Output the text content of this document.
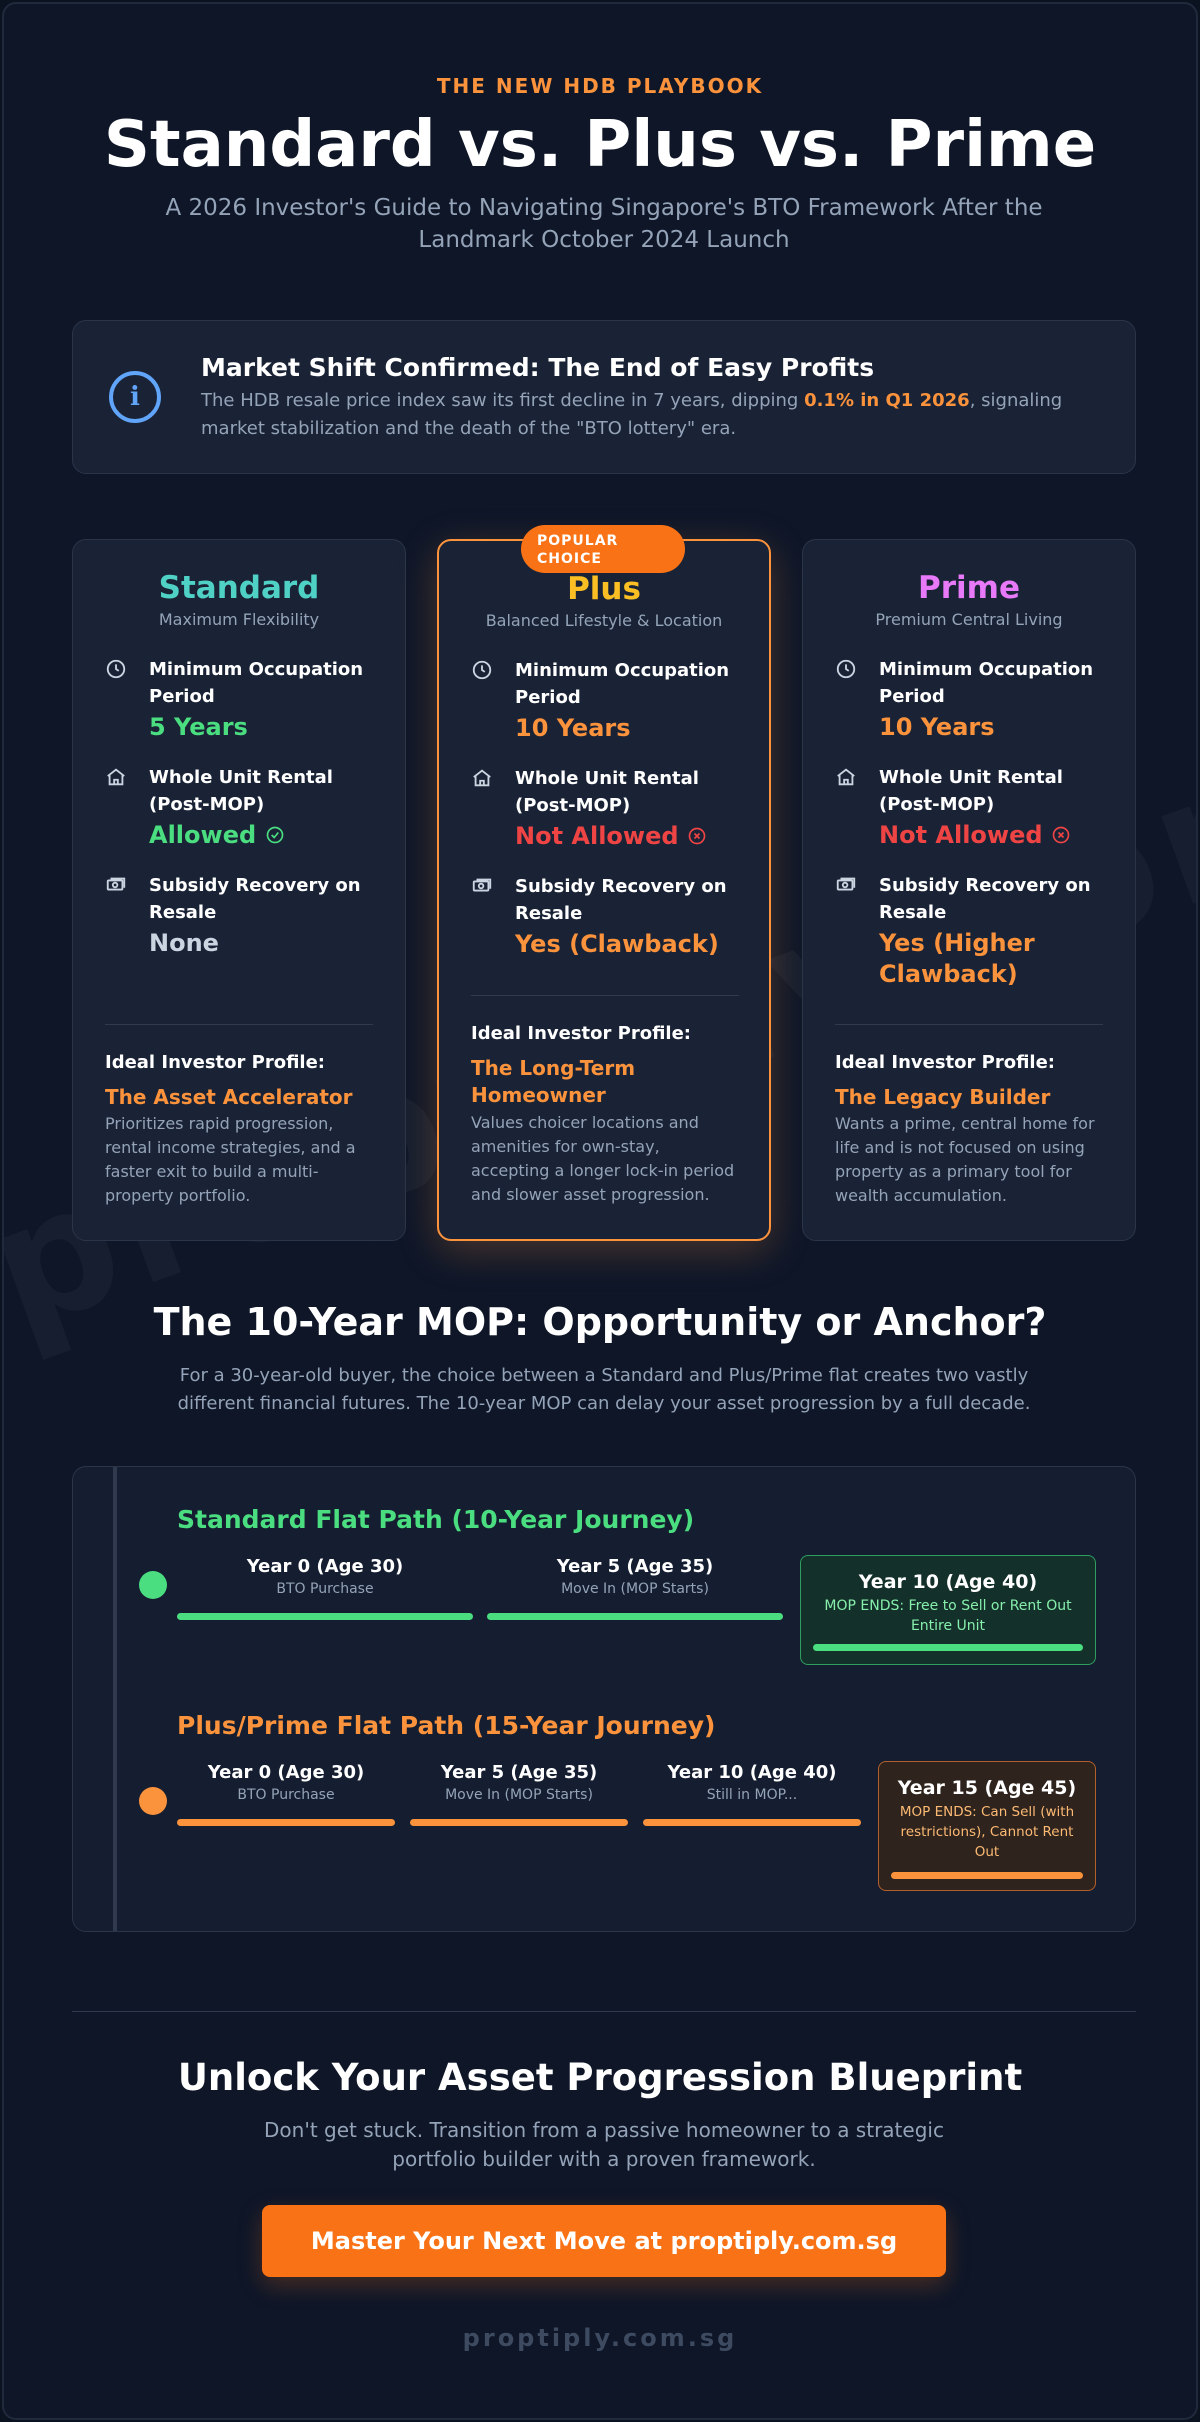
THE NEW HDB PLAYBOOK
Standard vs. Plus vs. Prime
A 2026 Investor's Guide to Navigating Singapore's BTO Framework After the Landmark October 2024 Launch
i
Market Shift Confirmed: The End of Easy Profits
The HDB resale price index saw its first decline in 7 years, dipping 0.1% in Q1 2026, signaling market stabilization and the death of the "BTO lottery" era.
Standard
Maximum Flexibility
Minimum Occupation Period
5 Years
Whole Unit Rental (Post-MOP)
Allowed
Subsidy Recovery on Resale
None
Ideal Investor Profile:
The Asset Accelerator
Prioritizes rapid progression, rental income strategies, and a faster exit to build a multi-property portfolio.
POPULAR CHOICE
Plus
Balanced Lifestyle & Location
Minimum Occupation Period
10 Years
Whole Unit Rental (Post-MOP)
Not Allowed
Subsidy Recovery on Resale
Yes (Clawback)
Ideal Investor Profile:
The Long-Term Homeowner
Values choicer locations and amenities for own-stay, accepting a longer lock-in period and slower asset progression.
Prime
Premium Central Living
Minimum Occupation Period
10 Years
Whole Unit Rental (Post-MOP)
Not Allowed
Subsidy Recovery on Resale
Yes (Higher Clawback)
Ideal Investor Profile:
The Legacy Builder
Wants a prime, central home for life and is not focused on using property as a primary tool for wealth accumulation.
The 10-Year MOP: Opportunity or Anchor?
For a 30-year-old buyer, the choice between a Standard and Plus/Prime flat creates two vastly different financial futures. The 10-year MOP can delay your asset progression by a full decade.
Standard Flat Path (10-Year Journey)
Year 0 (Age 30)
BTO Purchase
Year 5 (Age 35)
Move In (MOP Starts)	Year 10 (Age 40)
MOP ENDS: Free to Sell or Rent Out Entire Unit
Plus/Prime Flat Path (15-Year Journey)
Year 0 (Age 30)
BTO Purchase
Year 5 (Age 35)
Move In (MOP Starts)
Year 10 (Age 40)
Still in MOP...	Year 15 (Age 45)
MOP ENDS: Can Sell (with restrictions), Cannot Rent Out
Unlock Your Asset Progression Blueprint
Don't get stuck. Transition from a passive homeowner to a strategic portfolio builder with a proven framework.
Master Your Next Move at proptiply.com.sg
proptiply.com.sg
